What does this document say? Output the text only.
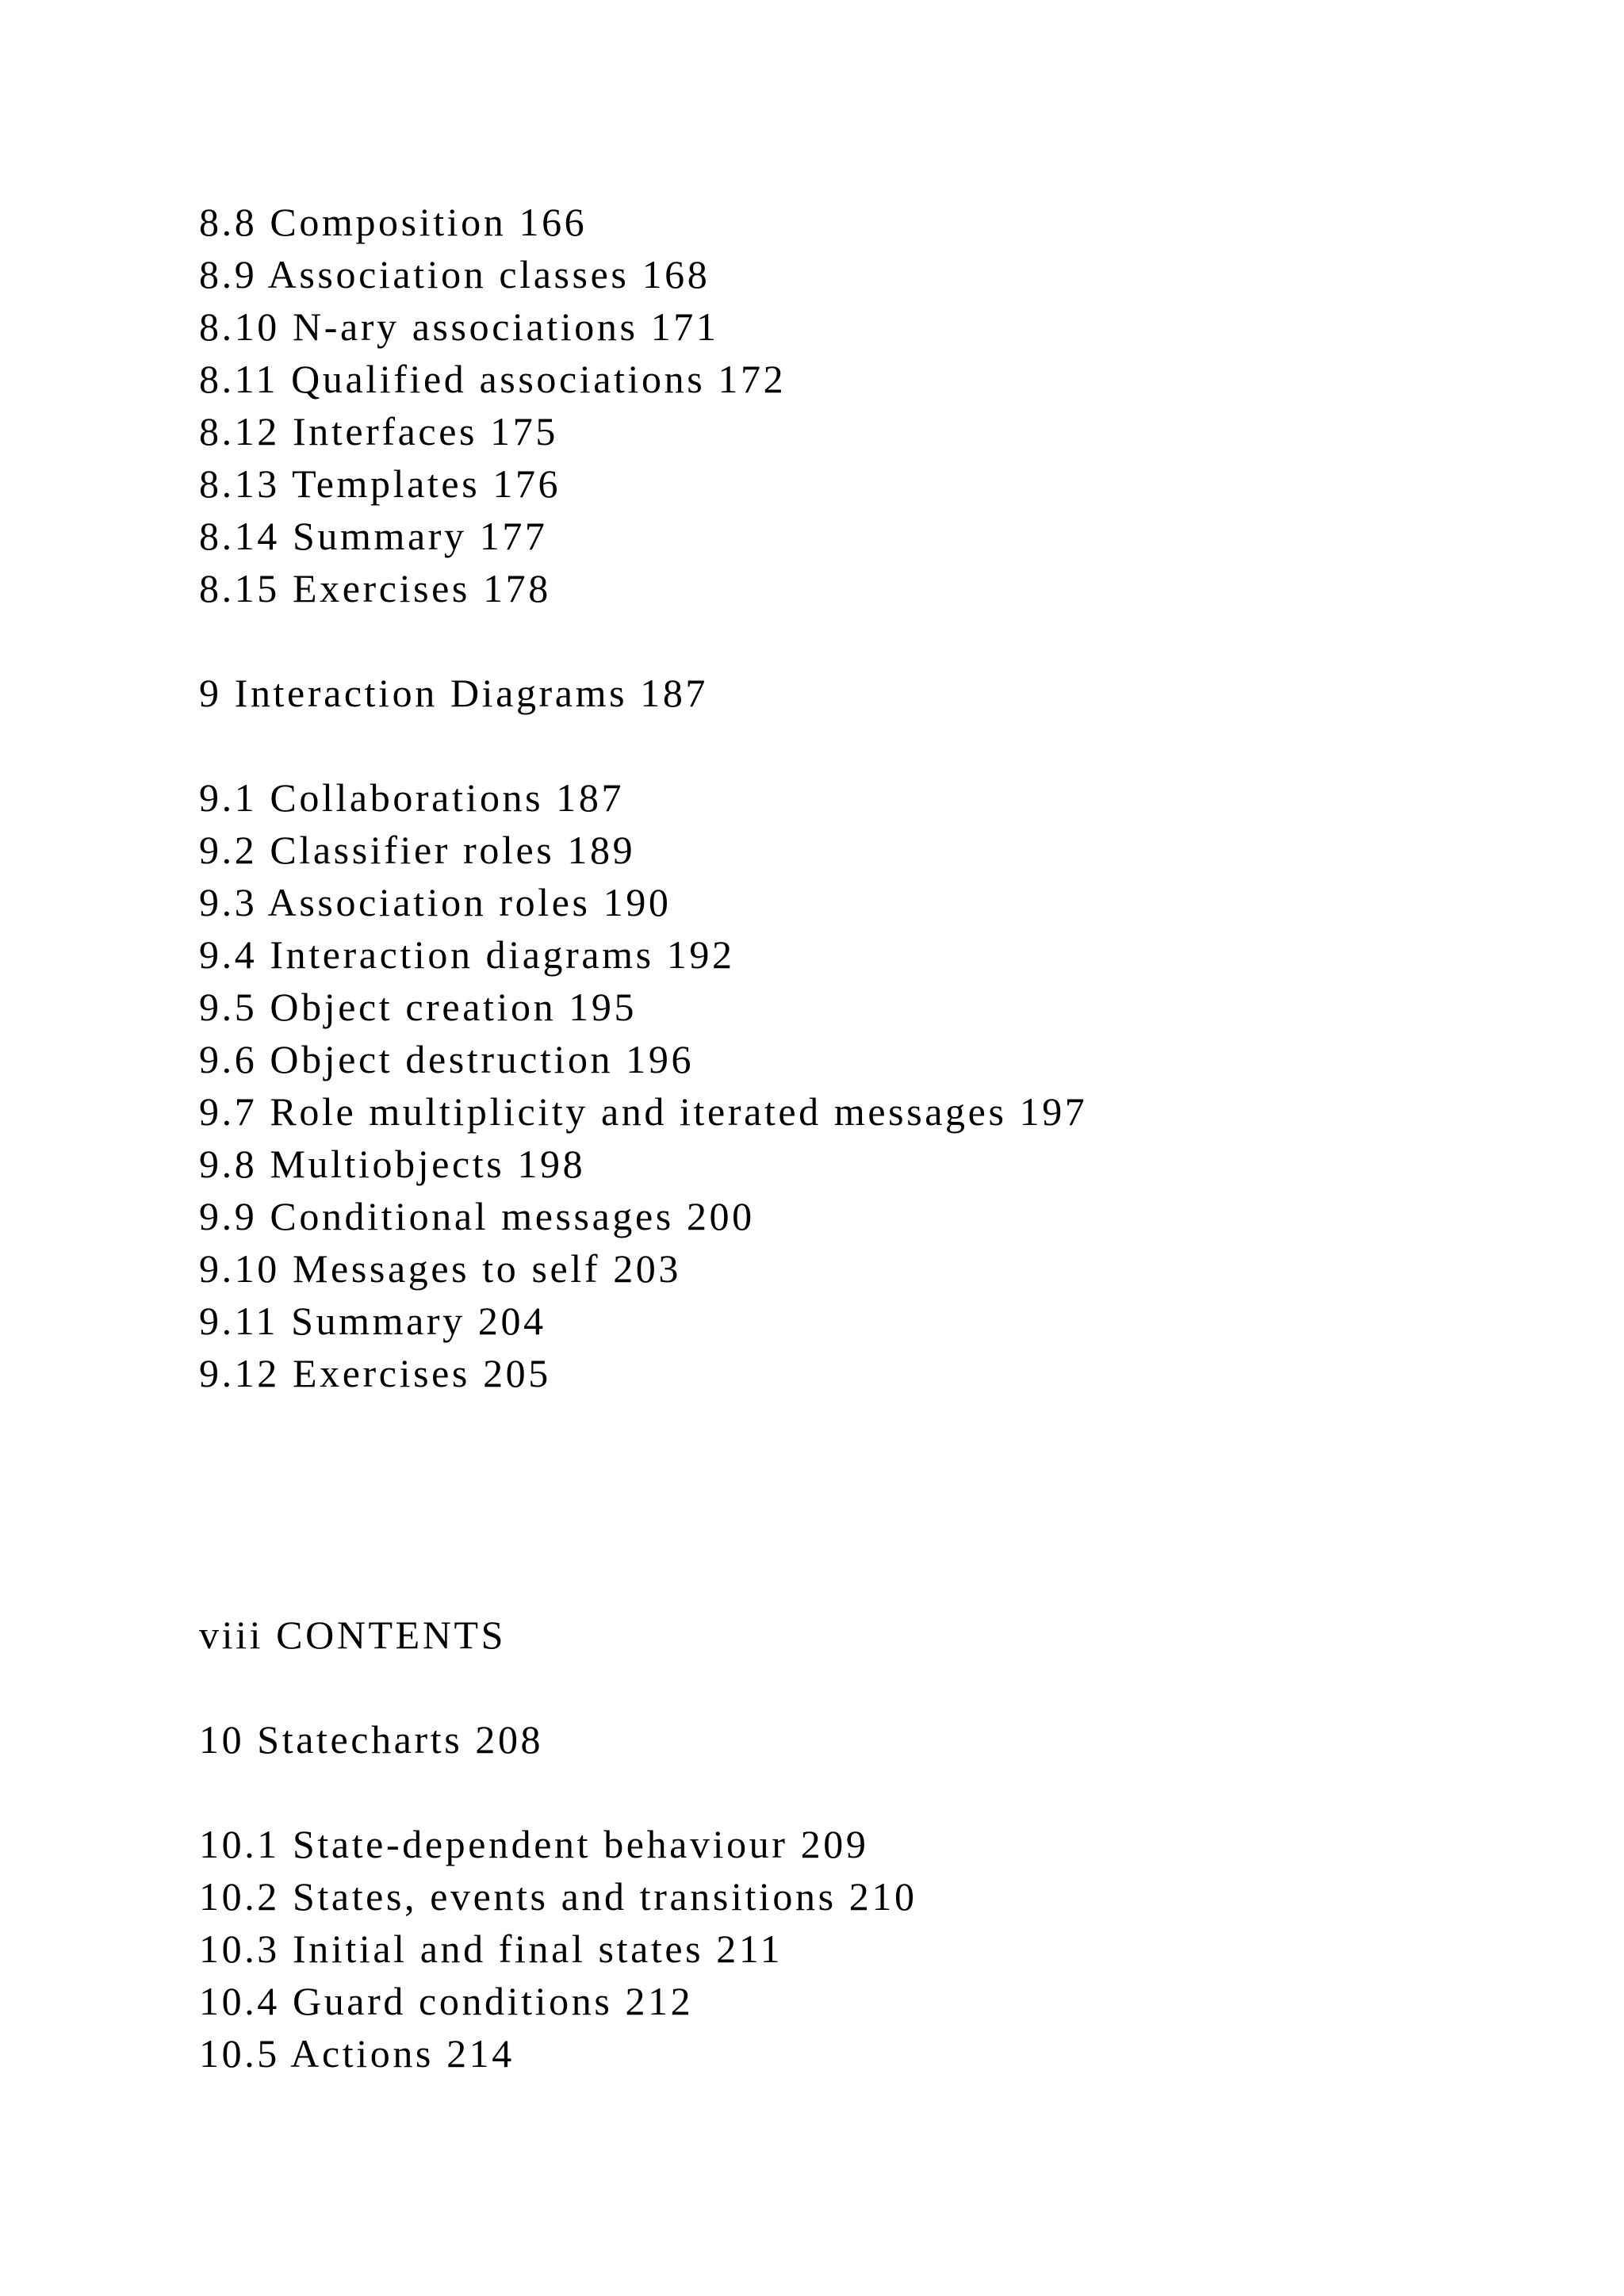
8.8 Composition 166

8.9 Association classes 168

8.10 N-ary associations 171

8.11 Qualified associations 172

8.12 Interfaces 175

8.13 Templates 176

8.14 Summary 177

8.15 Exercises 178

9 Interaction Diagrams 187

9.1 Collaborations 187

9.2 Classifier roles 189

9.3 Association roles 190

9.4 Interaction diagrams 192

9.5 Object creation 195

9.6 Object destruction 196

9.7 Role multiplicity and iterated messages 197

9.8 Multiobjects 198

9.9 Conditional messages 200

9.10 Messages to self 203

9.11 Summary 204

9.12 Exercises 205

viii CONTENTS

10 Statecharts 208

10.1 State-dependent behaviour 209

10.2 States, events and transitions 210

10.3 Initial and final states 211

10.4 Guard conditions 212

10.5 Actions 214
